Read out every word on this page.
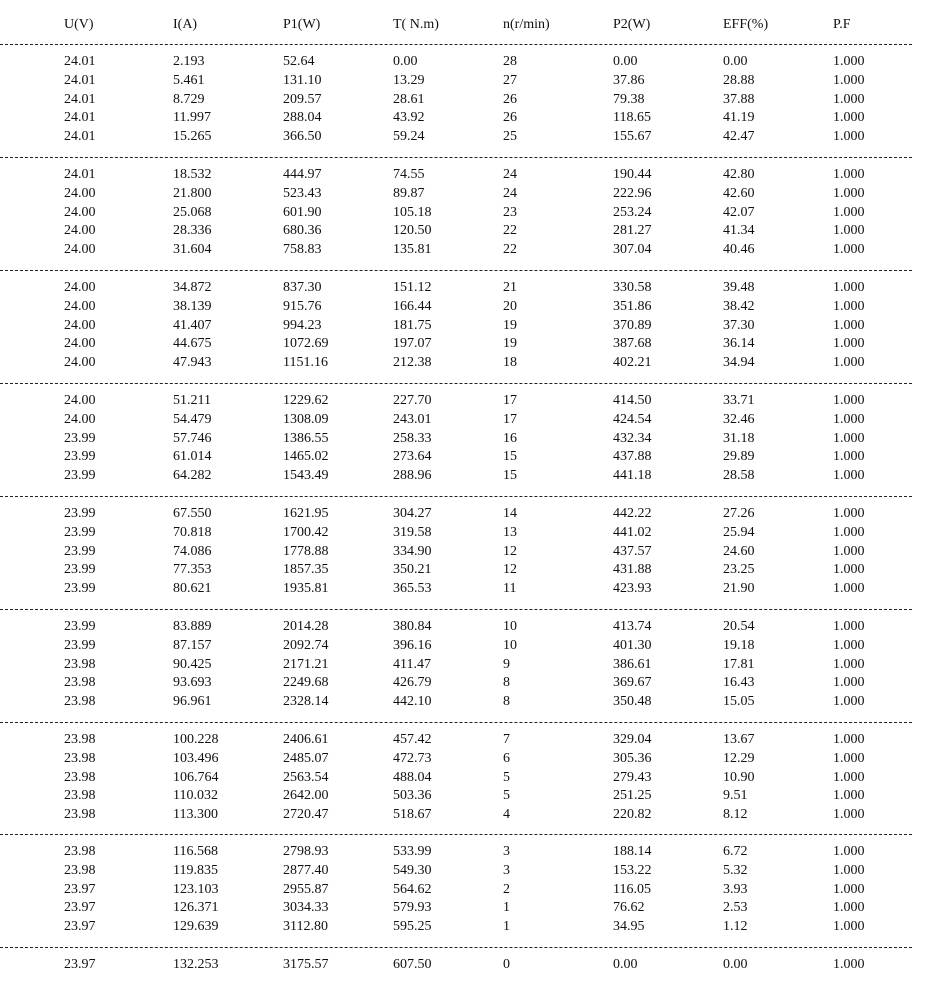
U(V)	I(A)	P1(W)	T( N.m)	n(r/min)	P2(W)	EFF(%)	P.F
24.01	2.193	52.64	0.00	28	0.00	0.00	1.000
24.01	5.461	131.10	13.29	27	37.86	28.88	1.000
24.01	8.729	209.57	28.61	26	79.38	37.88	1.000
24.01	11.997	288.04	43.92	26	118.65	41.19	1.000
24.01	15.265	366.50	59.24	25	155.67	42.47	1.000
24.01	18.532	444.97	74.55	24	190.44	42.80	1.000
24.00	21.800	523.43	89.87	24	222.96	42.60	1.000
24.00	25.068	601.90	105.18	23	253.24	42.07	1.000
24.00	28.336	680.36	120.50	22	281.27	41.34	1.000
24.00	31.604	758.83	135.81	22	307.04	40.46	1.000
24.00	34.872	837.30	151.12	21	330.58	39.48	1.000
24.00	38.139	915.76	166.44	20	351.86	38.42	1.000
24.00	41.407	994.23	181.75	19	370.89	37.30	1.000
24.00	44.675	1072.69	197.07	19	387.68	36.14	1.000
24.00	47.943	1151.16	212.38	18	402.21	34.94	1.000
24.00	51.211	1229.62	227.70	17	414.50	33.71	1.000
24.00	54.479	1308.09	243.01	17	424.54	32.46	1.000
23.99	57.746	1386.55	258.33	16	432.34	31.18	1.000
23.99	61.014	1465.02	273.64	15	437.88	29.89	1.000
23.99	64.282	1543.49	288.96	15	441.18	28.58	1.000
23.99	67.550	1621.95	304.27	14	442.22	27.26	1.000
23.99	70.818	1700.42	319.58	13	441.02	25.94	1.000
23.99	74.086	1778.88	334.90	12	437.57	24.60	1.000
23.99	77.353	1857.35	350.21	12	431.88	23.25	1.000
23.99	80.621	1935.81	365.53	11	423.93	21.90	1.000
23.99	83.889	2014.28	380.84	10	413.74	20.54	1.000
23.99	87.157	2092.74	396.16	10	401.30	19.18	1.000
23.98	90.425	2171.21	411.47	9	386.61	17.81	1.000
23.98	93.693	2249.68	426.79	8	369.67	16.43	1.000
23.98	96.961	2328.14	442.10	8	350.48	15.05	1.000
23.98	100.228	2406.61	457.42	7	329.04	13.67	1.000
23.98	103.496	2485.07	472.73	6	305.36	12.29	1.000
23.98	106.764	2563.54	488.04	5	279.43	10.90	1.000
23.98	110.032	2642.00	503.36	5	251.25	9.51	1.000
23.98	113.300	2720.47	518.67	4	220.82	8.12	1.000
23.98	116.568	2798.93	533.99	3	188.14	6.72	1.000
23.98	119.835	2877.40	549.30	3	153.22	5.32	1.000
23.97	123.103	2955.87	564.62	2	116.05	3.93	1.000
23.97	126.371	3034.33	579.93	1	76.62	2.53	1.000
23.97	129.639	3112.80	595.25	1	34.95	1.12	1.000
23.97	132.253	3175.57	607.50	0	0.00	0.00	1.000
